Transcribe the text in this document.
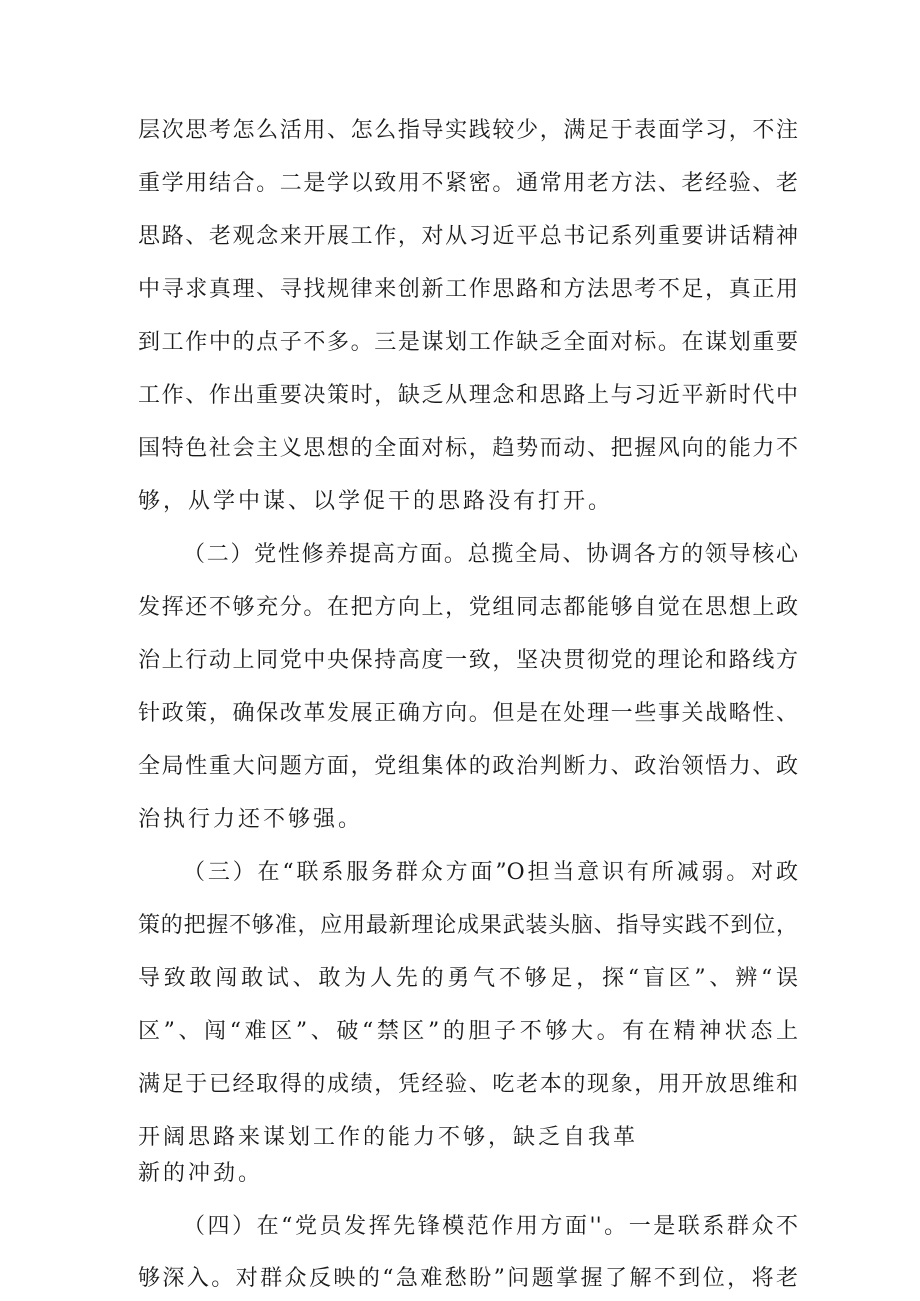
层次思考怎么活用、怎么指导实践较少，满足于表面学习，不注
重学用结合。二是学以致用不紧密。通常用老方法、老经验、老
思路、老观念来开展工作，对从习近平总书记系列重要讲话精神
中寻求真理、寻找规律来创新工作思路和方法思考不足，真正用
到工作中的点子不多。三是谋划工作缺乏全面对标。在谋划重要
工作、作出重要决策时，缺乏从理念和思路上与习近平新时代中
国特色社会主义思想的全面对标，趋势而动、把握风向的能力不
够，从学中谋、以学促干的思路没有打开。
（二）党性修养提高方面。总揽全局、协调各方的领导核心
发挥还不够充分。在把方向上，党组同志都能够自觉在思想上政
治上行动上同党中央保持高度一致，坚决贯彻党的理论和路线方
针政策，确保改革发展正确方向。但是在处理一些事关战略性、
全局性重大问题方面，党组集体的政治判断力、政治领悟力、政
治执行力还不够强。
（三）在“联系服务群众方面”O担当意识有所减弱。对政
策的把握不够准，应用最新理论成果武装头脑、指导实践不到位，
导致敢闯敢试、敢为人先的勇气不够足，探“盲区”、辨“误
区”、闯“难区”、破“禁区”的胆子不够大。有在精神状态上
满足于已经取得的成绩，凭经验、吃老本的现象，用开放思维和
开阔思路来谋划工作的能力不够，缺乏自我革
新的冲劲。
（四）在“党员发挥先锋模范作用方面''。一是联系群众不
够深入。对群众反映的“急难愁盼”问题掌握了解不到位，将老
